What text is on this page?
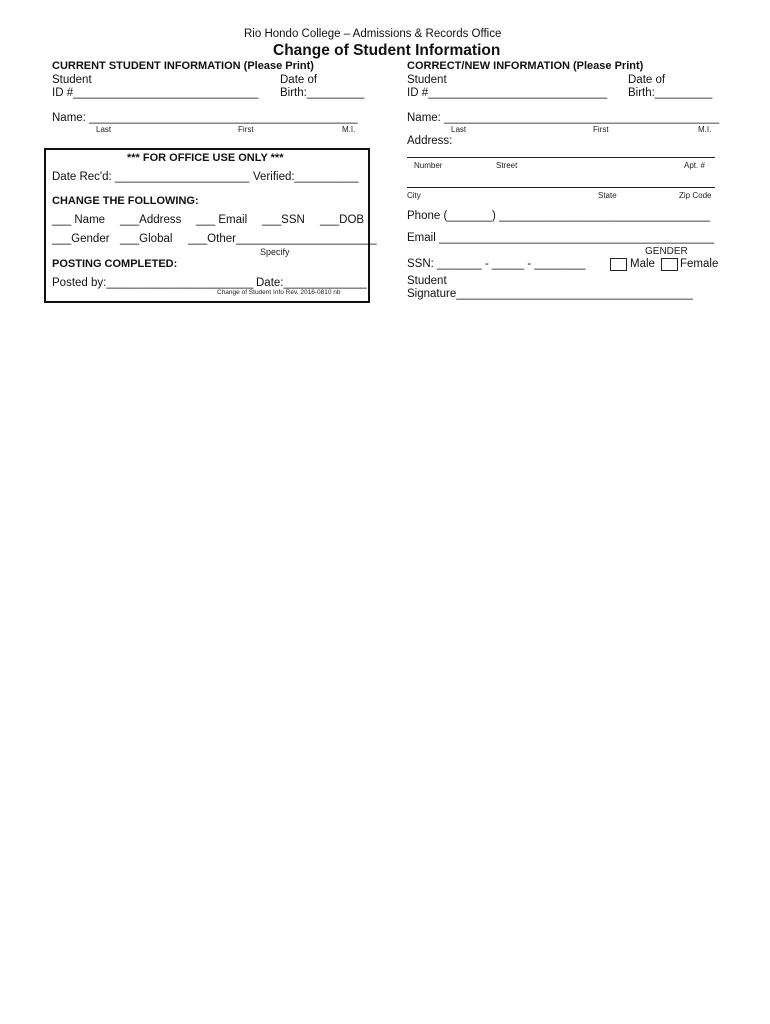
Rio Hondo College – Admissions & Records Office
Change of Student Information
CURRENT STUDENT INFORMATION (Please Print)
Student
ID #_____________________________
Date of
Birth:_________
Name: __________________________________________
Last	First	M.I.
*** FOR OFFICE USE ONLY ***
Date Rec'd: _____________________ Verified:__________
CHANGE THE FOLLOWING:
___ Name ___Address ___ Email ___SSN ___DOB
___Gender ___Global ___Other______________________
Specify
POSTING COMPLETED:
Posted by:_______________________ Date:_____________
Change of Student Info Rev. 2016-0810 nb
CORRECT/NEW INFORMATION (Please Print)
Student
ID #____________________________
Date of
Birth:_________
Name: ___________________________________________
Last	First	M.I.
Address:
Number	Street	Apt. #
City	State	Zip Code
Phone (_______) _________________________________
Email ___________________________________________
GENDER
SSN: _______ - _____ - ________	Male Female
Student
Signature_____________________________________
